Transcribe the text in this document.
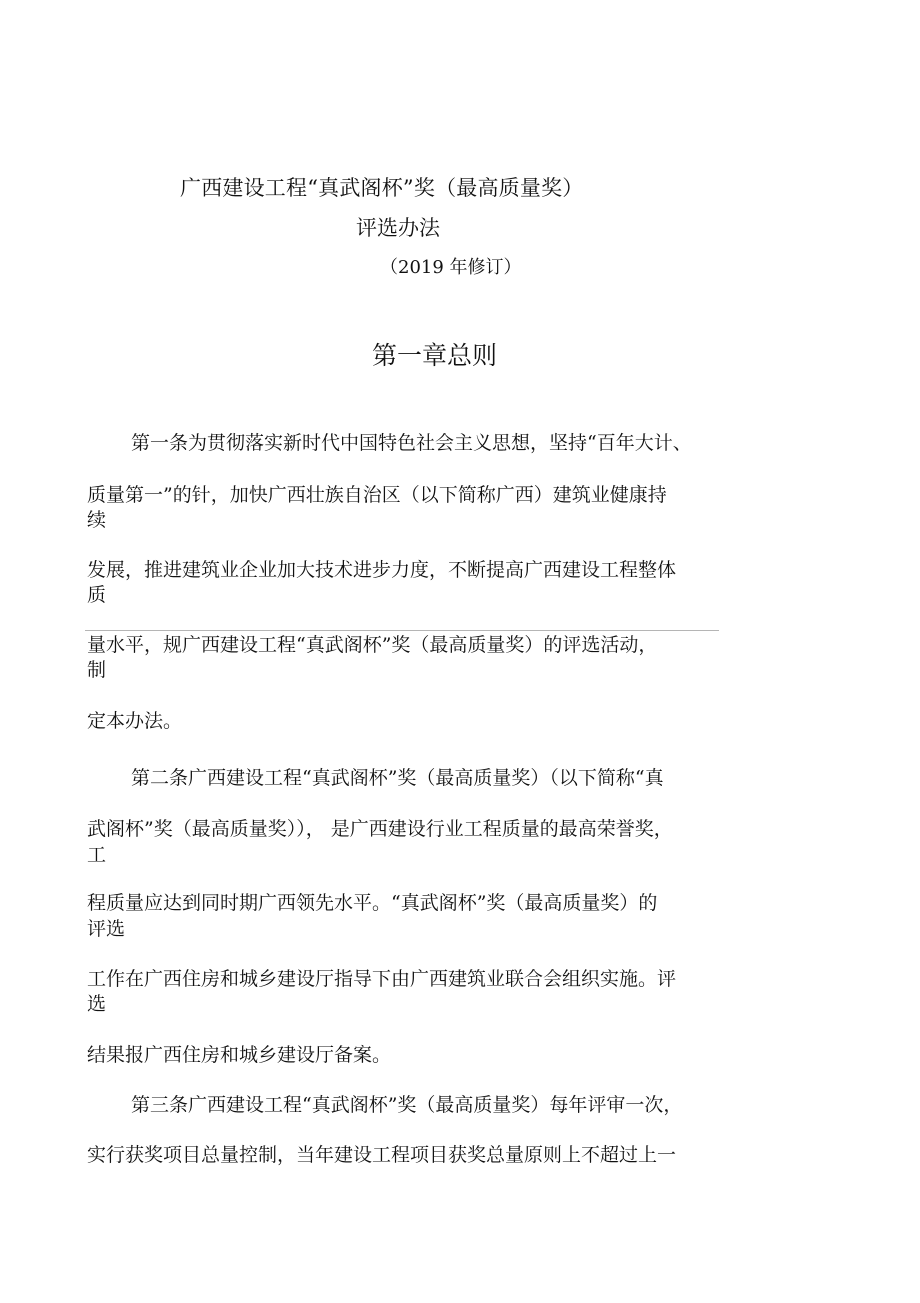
广西建设工程“真武阁杯”奖（最高质量奖）
评选办法
（2019 年修订）
第一章总则
第一条为贯彻落实新时代中国特色社会主义思想，坚持“百年大计、
质量第一”的针，加快广西壮族自治区（以下简称广西）建筑业健康持
续
发展，推进建筑业企业加大技术进步力度，不断提高广西建设工程整体
质
量水平，规广西建设工程“真武阁杯”奖（最高质量奖）的评选活动，
制
定本办法。
第二条广西建设工程“真武阁杯”奖（最高质量奖）（以下简称“真
武阁杯”奖（最高质量奖））， 是广西建设行业工程质量的最高荣誉奖，
工
程质量应达到同时期广西领先水平。“真武阁杯”奖（最高质量奖）的
评选
工作在广西住房和城乡建设厅指导下由广西建筑业联合会组织实施。评
选
结果报广西住房和城乡建设厅备案。
第三条广西建设工程“真武阁杯”奖（最高质量奖）每年评审一次，
实行获奖项目总量控制，当年建设工程项目获奖总量原则上不超过上一
